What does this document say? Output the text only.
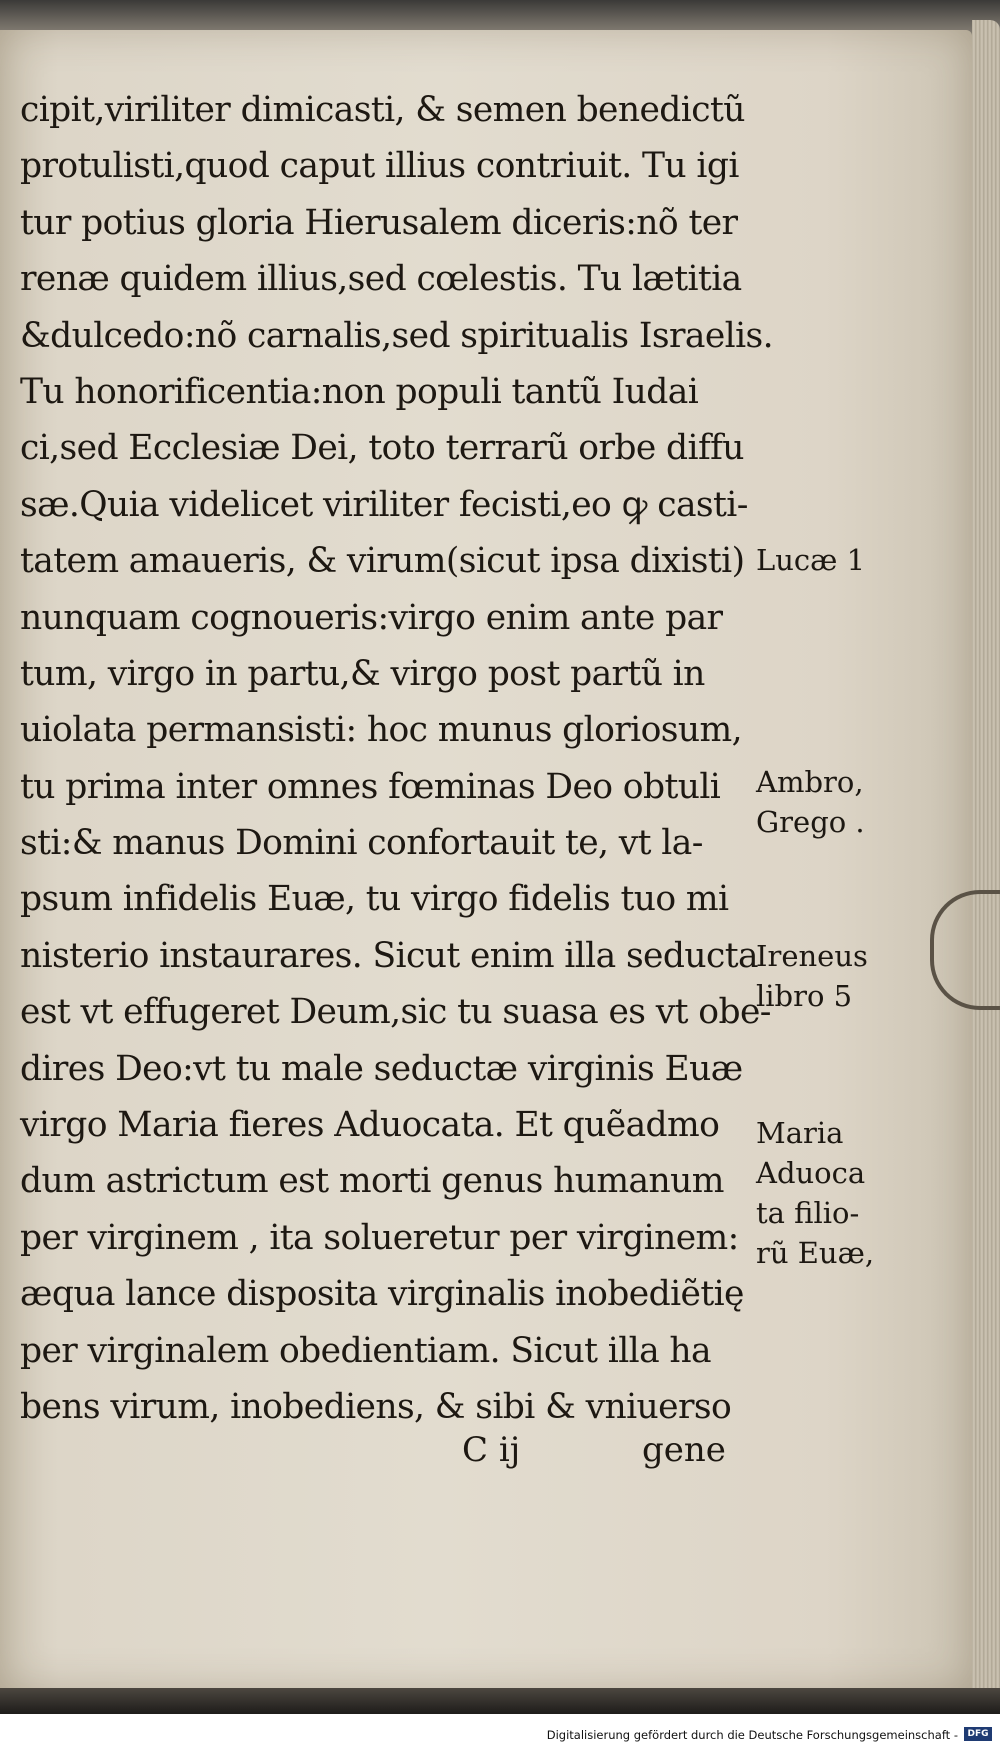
cipit,viriliter dimicasti, & semen benedictũ
protulisti,quod caput illius contriuit. Tu igi
tur potius gloria Hierusalem diceris:nõ ter
renæ quidem illius,sed cœlestis. Tu lætitia
&dulcedo:nõ carnalis,sed spiritualis Israelis.
Tu honorificentia:non populi tantũ Iudai
ci,sed Ecclesiæ Dei, toto terrarũ orbe diffu
sæ.Quia videlicet viriliter fecisti,eo ꝙ casti-
tatem amaueris, & virum(sicut ipsa dixisti)
nunquam cognoueris:virgo enim ante par
tum, virgo in partu,& virgo post partũ in
uiolata permansisti: hoc munus gloriosum,
tu prima inter omnes fœminas Deo obtuli
sti:& manus Domini confortauit te, vt la-
psum infidelis Euæ, tu virgo fidelis tuo mi
nisterio instaurares. Sicut enim illa seducta
est vt effugeret Deum,sic tu suasa es vt obe-
dires Deo:vt tu male seductæ virginis Euæ
virgo Maria fieres Aduocata. Et quẽadmo
dum astrictum est morti genus humanum
per virginem , ita solueretur per virginem:
æqua lance disposita virginalis inobediẽtię
per virginalem obedientiam. Sicut illa ha
bens virum, inobediens, & sibi & vniuerso
Lucæ 1
Ambro,
Grego .
Ireneus
libro 5
Maria
Aduoca
ta filio-
rũ Euæ,
C ij	gene
Digitalisierung gefördert durch die Deutsche Forschungsgemeinschaft -	DFG
